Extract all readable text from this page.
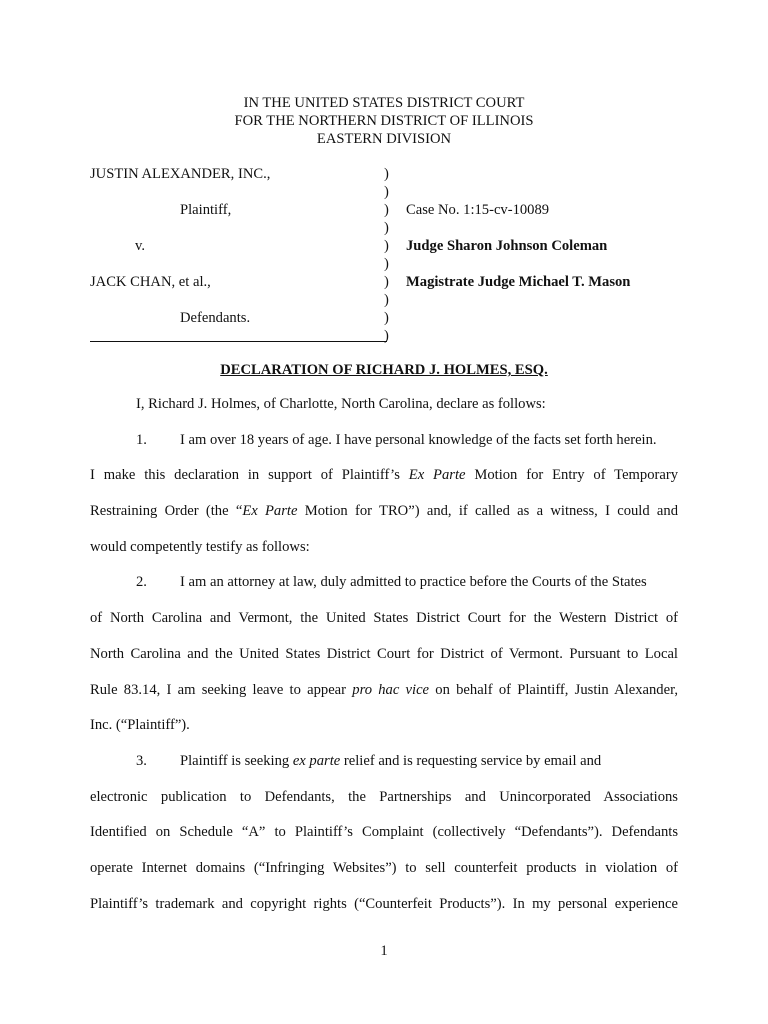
IN THE UNITED STATES DISTRICT COURT
FOR THE NORTHERN DISTRICT OF ILLINOIS
EASTERN DIVISION
JUSTIN ALEXANDER, INC.,
Plaintiff,
v.
JACK CHAN, et al.,
Defendants.
)
)
)
)
)
)
)
)
)
)
Case No. 1:15-cv-10089
Judge Sharon Johnson Coleman
Magistrate Judge Michael T. Mason
DECLARATION OF RICHARD J. HOLMES, ESQ.
I, Richard J. Holmes, of Charlotte, North Carolina, declare as follows:
1. I am over 18 years of age. I have personal knowledge of the facts set forth herein.
I make this declaration in support of Plaintiff’s Ex Parte Motion for Entry of Temporary
Restraining Order (the “Ex Parte Motion for TRO”) and, if called as a witness, I could and
would competently testify as follows:
2. I am an attorney at law, duly admitted to practice before the Courts of the States
of North Carolina and Vermont, the United States District Court for the Western District of
North Carolina and the United States District Court for District of Vermont. Pursuant to Local
Rule 83.14, I am seeking leave to appear pro hac vice on behalf of Plaintiff, Justin Alexander,
Inc. (“Plaintiff”).
3. Plaintiff is seeking ex parte relief and is requesting service by email and
electronic publication to Defendants, the Partnerships and Unincorporated Associations
Identified on Schedule “A” to Plaintiff’s Complaint (collectively “Defendants”). Defendants
operate Internet domains (“Infringing Websites”) to sell counterfeit products in violation of
Plaintiff’s trademark and copyright rights (“Counterfeit Products”). In my personal experience
1
